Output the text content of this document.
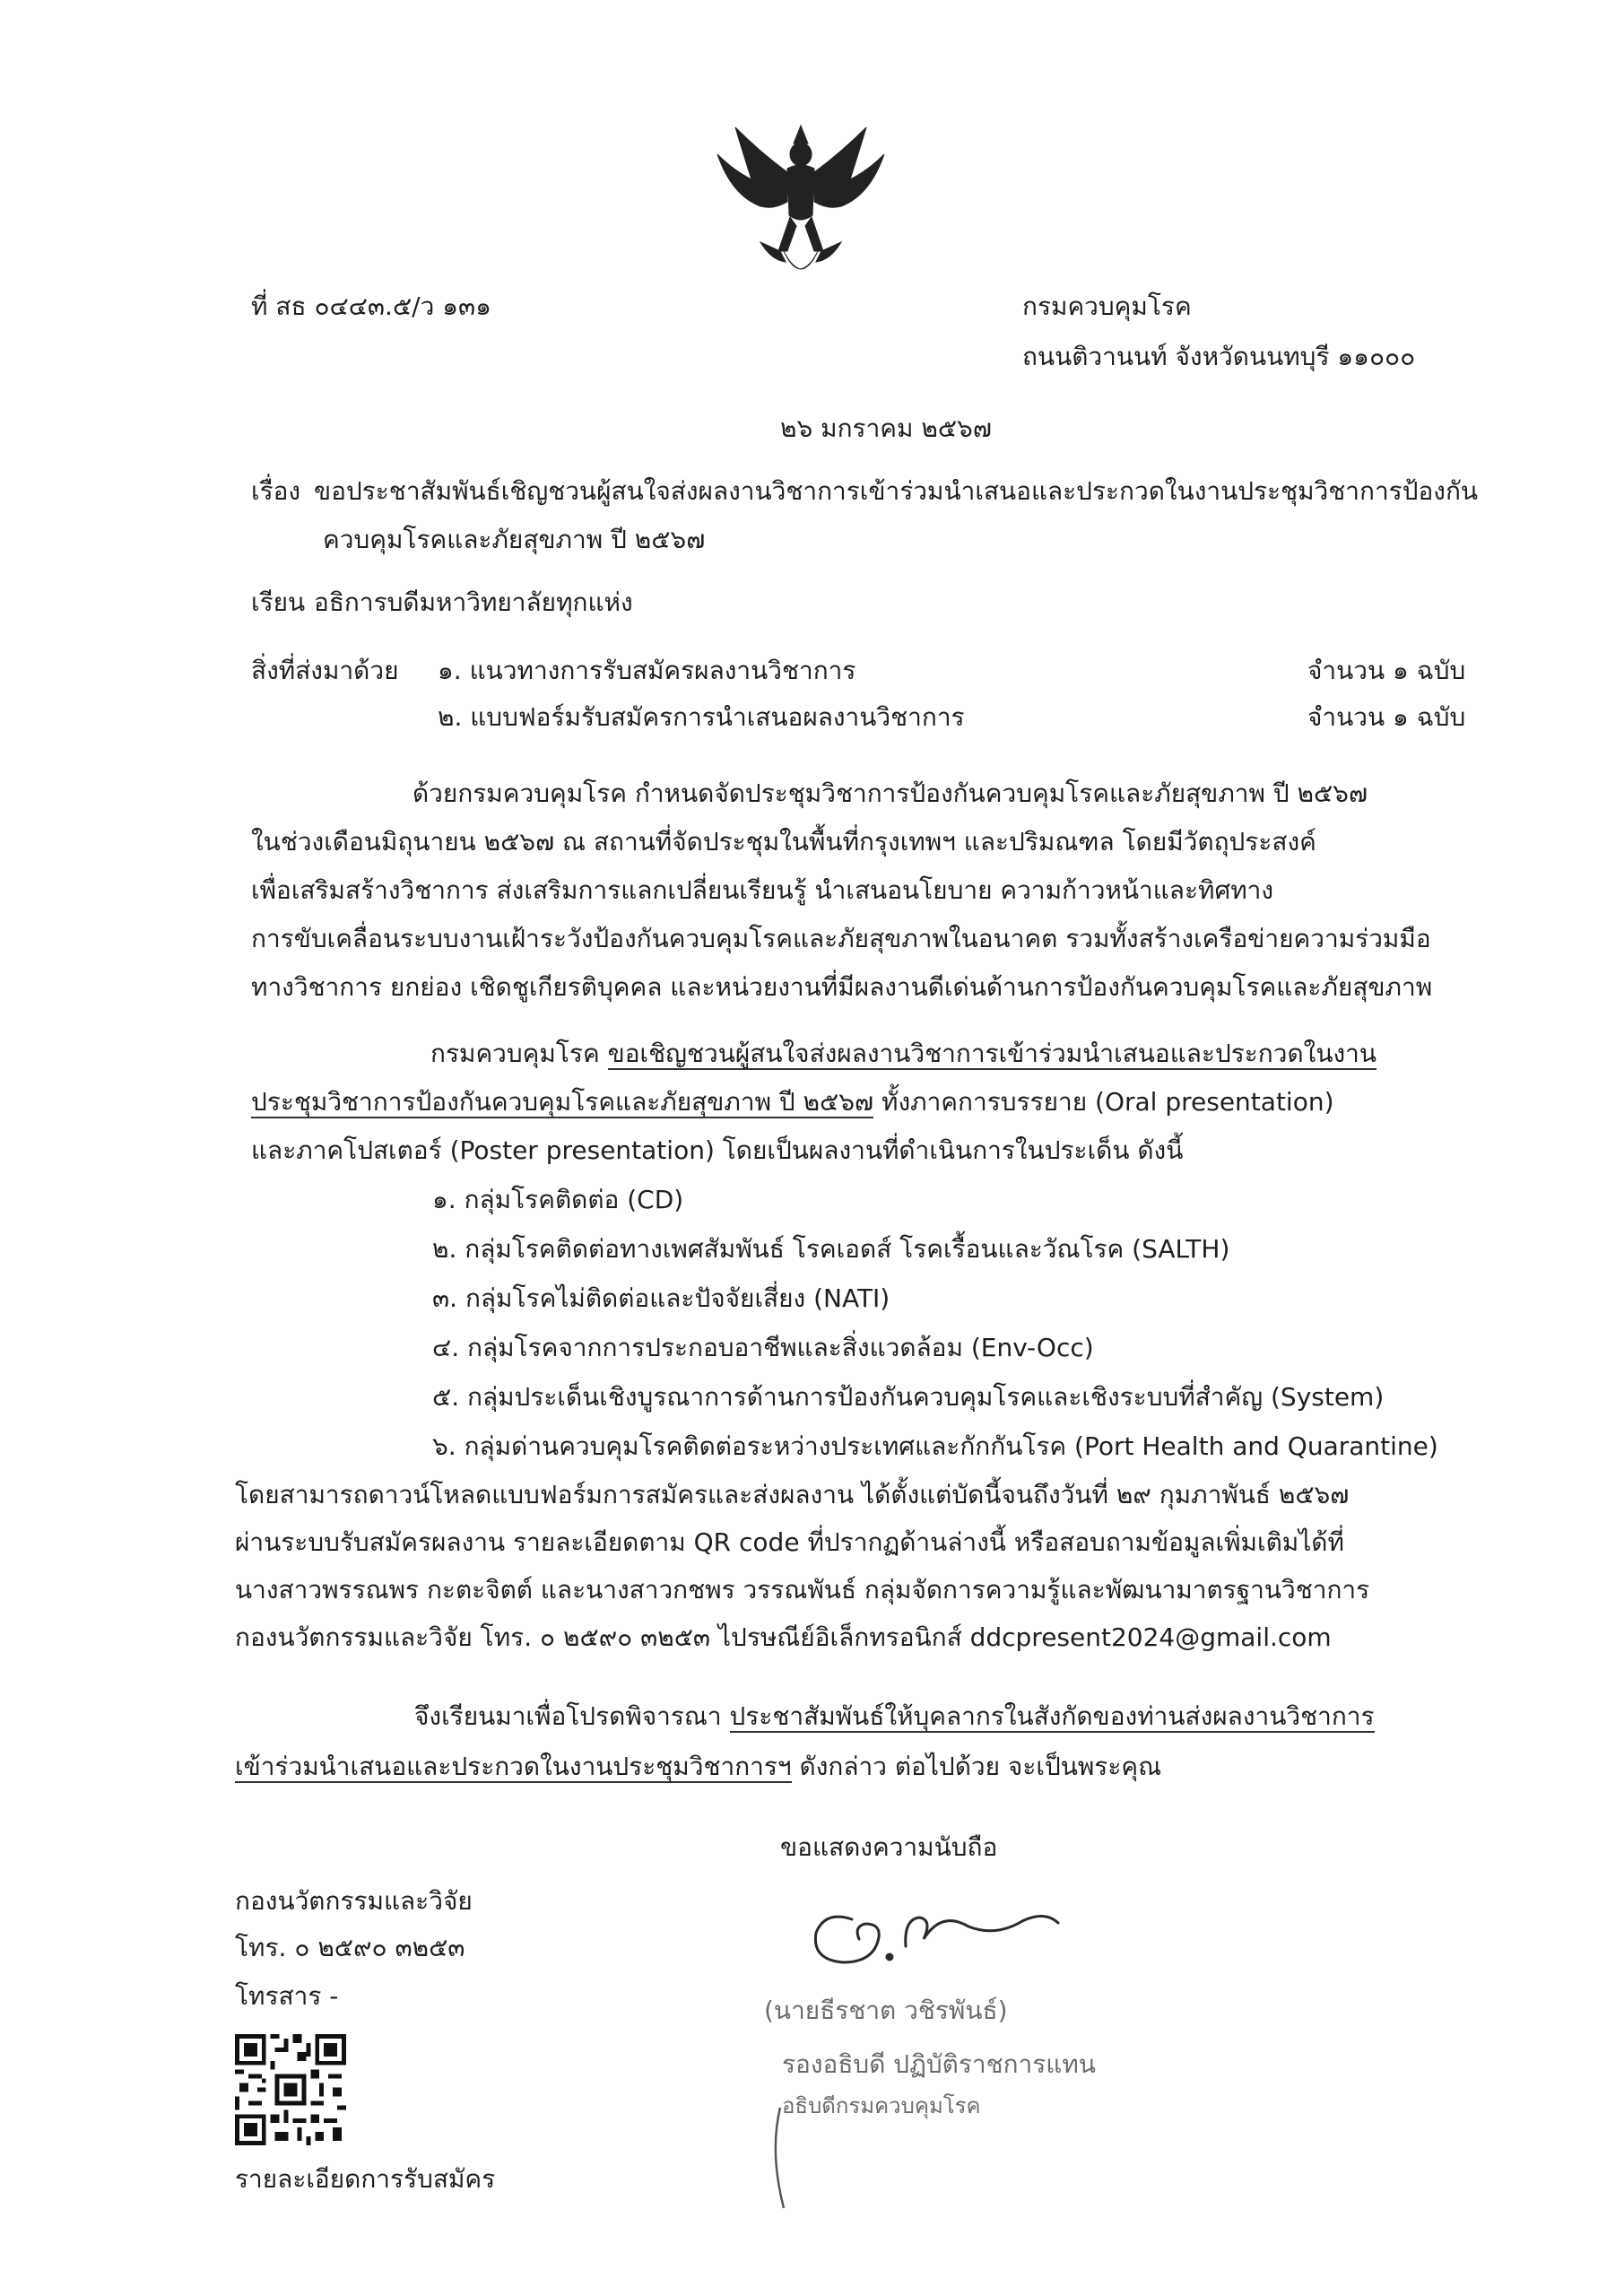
ที่ สธ ๐๔๔๓.๕/ว ๑๓๑	กรมควบคุมโรค
ถนนติวานนท์ จังหวัดนนทบุรี ๑๑๐๐๐
๒๖ มกราคม ๒๕๖๗
เรื่อง ขอประชาสัมพันธ์เชิญชวนผู้สนใจส่งผลงานวิชาการเข้าร่วมนำเสนอและประกวดในงานประชุมวิชาการป้องกัน
ควบคุมโรคและภัยสุขภาพ ปี ๒๕๖๗
เรียน อธิการบดีมหาวิทยาลัยทุกแห่ง
สิ่งที่ส่งมาด้วย ๑. แนวทางการรับสมัครผลงานวิชาการ	จำนวน ๑ ฉบับ
๒. แบบฟอร์มรับสมัครการนำเสนอผลงานวิชาการ	จำนวน ๑ ฉบับ
ด้วยกรมควบคุมโรค กำหนดจัดประชุมวิชาการป้องกันควบคุมโรคและภัยสุขภาพ ปี ๒๕๖๗
ในช่วงเดือนมิถุนายน ๒๕๖๗ ณ สถานที่จัดประชุมในพื้นที่กรุงเทพฯ และปริมณฑล โดยมีวัตถุประสงค์
เพื่อเสริมสร้างวิชาการ ส่งเสริมการแลกเปลี่ยนเรียนรู้ นำเสนอนโยบาย ความก้าวหน้าและทิศทาง
การขับเคลื่อนระบบงานเฝ้าระวังป้องกันควบคุมโรคและภัยสุขภาพในอนาคต รวมทั้งสร้างเครือข่ายความร่วมมือ
ทางวิชาการ ยกย่อง เชิดชูเกียรติบุคคล และหน่วยงานที่มีผลงานดีเด่นด้านการป้องกันควบคุมโรคและภัยสุขภาพ
กรมควบคุมโรค ขอเชิญชวนผู้สนใจส่งผลงานวิชาการเข้าร่วมนำเสนอและประกวดในงาน
ประชุมวิชาการป้องกันควบคุมโรคและภัยสุขภาพ ปี ๒๕๖๗ ทั้งภาคการบรรยาย (Oral presentation)
และภาคโปสเตอร์ (Poster presentation) โดยเป็นผลงานที่ดำเนินการในประเด็น ดังนี้
๑. กลุ่มโรคติดต่อ (CD)
๒. กลุ่มโรคติดต่อทางเพศสัมพันธ์ โรคเอดส์ โรคเรื้อนและวัณโรค (SALTH)
๓. กลุ่มโรคไม่ติดต่อและปัจจัยเสี่ยง (NATI)
๔. กลุ่มโรคจากการประกอบอาชีพและสิ่งแวดล้อม (Env-Occ)
๕. กลุ่มประเด็นเชิงบูรณาการด้านการป้องกันควบคุมโรคและเชิงระบบที่สำคัญ (System)
๖. กลุ่มด่านควบคุมโรคติดต่อระหว่างประเทศและกักกันโรค (Port Health and Quarantine)
โดยสามารถดาวน์โหลดแบบฟอร์มการสมัครและส่งผลงาน ได้ตั้งแต่บัดนี้จนถึงวันที่ ๒๙ กุมภาพันธ์ ๒๕๖๗
ผ่านระบบรับสมัครผลงาน รายละเอียดตาม QR code ที่ปรากฏด้านล่างนี้ หรือสอบถามข้อมูลเพิ่มเติมได้ที่
นางสาวพรรณพร กะตะจิตต์ และนางสาวกชพร วรรณพันธ์ กลุ่มจัดการความรู้และพัฒนามาตรฐานวิชาการ
กองนวัตกรรมและวิจัย โทร. ๐ ๒๕๙๐ ๓๒๕๓ ไปรษณีย์อิเล็กทรอนิกส์ ddcpresent2024@gmail.com
จึงเรียนมาเพื่อโปรดพิจารณา ประชาสัมพันธ์ให้บุคลากรในสังกัดของท่านส่งผลงานวิชาการ
เข้าร่วมนำเสนอและประกวดในงานประชุมวิชาการฯ ดังกล่าว ต่อไปด้วย จะเป็นพระคุณ
ขอแสดงความนับถือ
(นายธีรชาต วชิรพันธ์)
รองอธิบดี ปฏิบัติราชการแทน
อธิบดีกรมควบคุมโรค
กองนวัตกรรมและวิจัย
โทร. ๐ ๒๕๙๐ ๓๒๕๓
โทรสาร -
รายละเอียดการรับสมัคร
